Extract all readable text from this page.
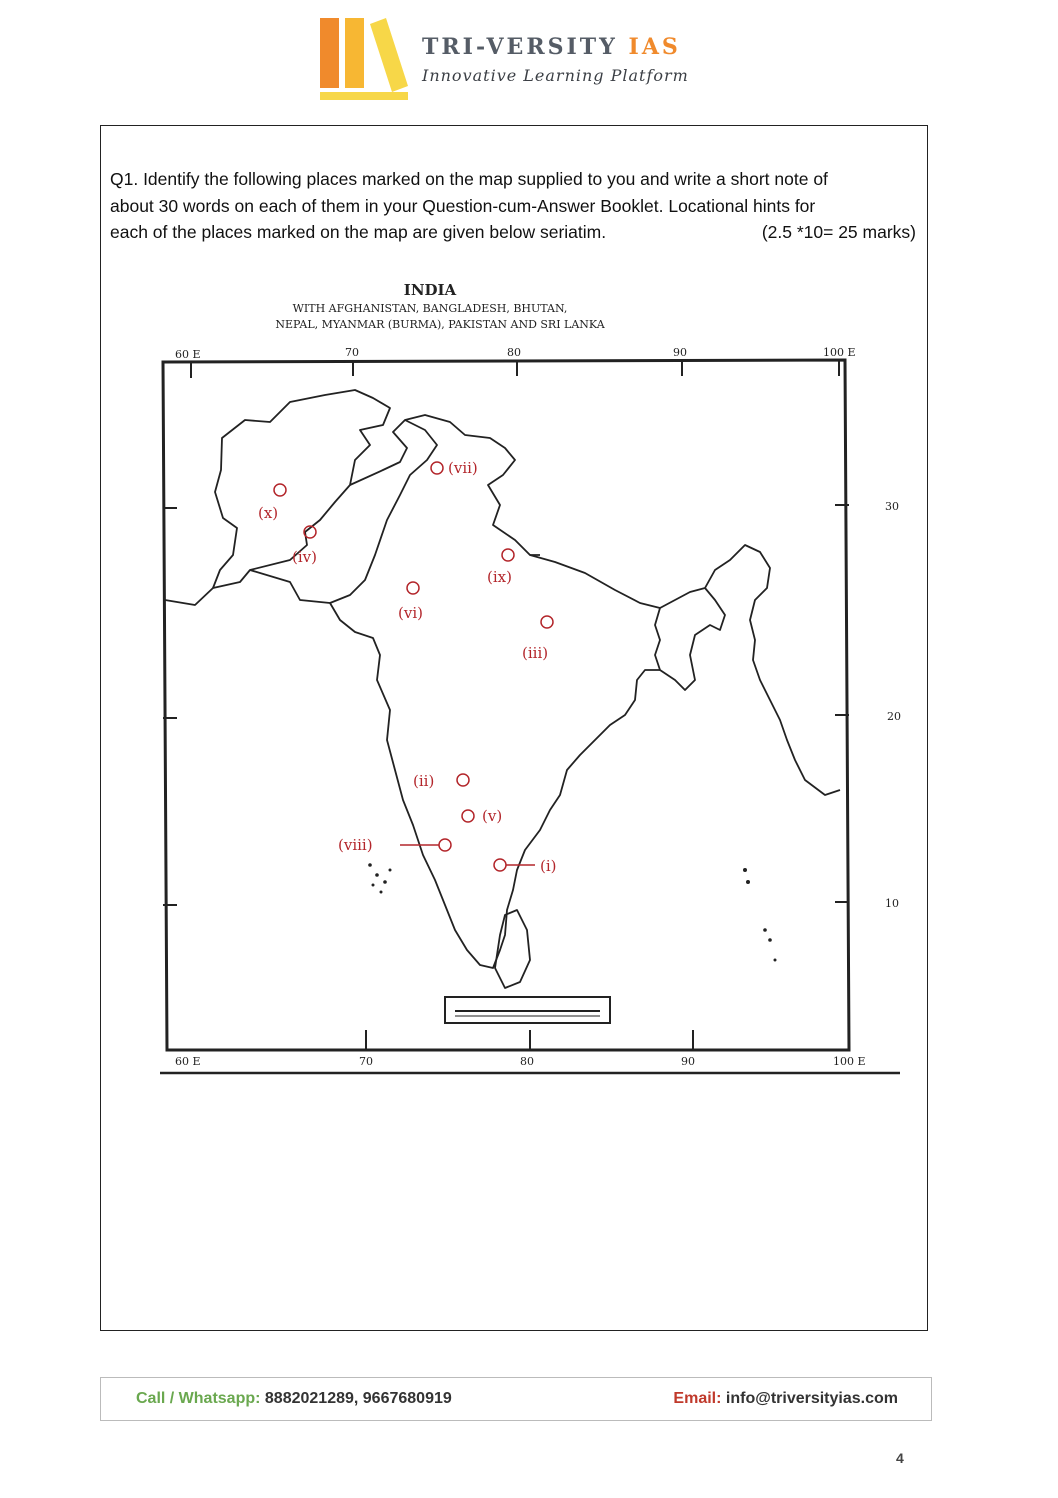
TRI-VERSITY IAS
Innovative Learning Platform
Q1. Identify the following places marked on the map supplied to you and write a short note of
about 30 words on each of them in your Question-cum-Answer Booklet. Locational hints for
each of the places marked on the map are given below seriatim.	(2.5 *10= 25 marks)
INDIA
WITH AFGHANISTAN, BANGLADESH, BHUTAN,
NEPAL, MYANMAR (BURMA), PAKISTAN AND SRI LANKA
60 E	70	80	90	100 E
60 E	70	80	90	100 E
30
20
10
(vii)
(x)
(iv)
(ix)
(vi)
(iii)
(ii)
(v)
(viii)
(i)
Call / Whatsapp: 8882021289, 9667680919	Email: info@triversityias.com
4
